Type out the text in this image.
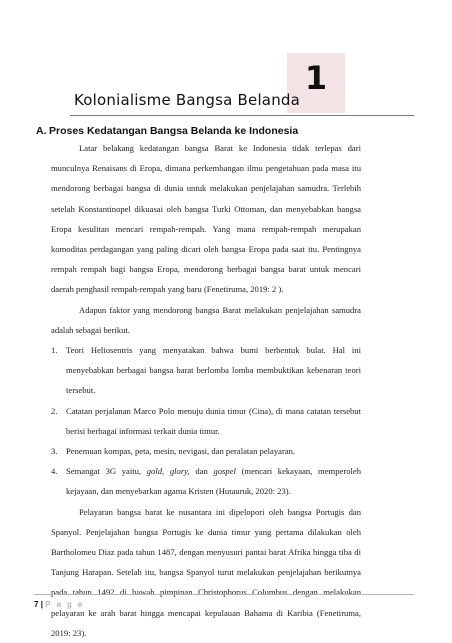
1
Kolonialisme Bangsa Belanda
A. Proses Kedatangan Bangsa Belanda ke Indonesia

Latar belakang kedatangan bangsa Barat ke Indonesia tidak terlepas dari munculnya Renaisans di Eropa, dimana perkembangan ilmu pengetahuan pada masa itu mendorong berbagai bangsa di dunia untuk melakukan penjelajahan samudra. Terlebih setelah Konstantinopel dikuasai oleh bangsa Turki Ottoman, dan menyebabkan bangsa Eropa kesulitan mencari rempah-rempah. Yang mana rempah-rempah merupakan komoditas perdagangan yang paling dicari oleh bangsa Eropa pada saat itu. Pentingnya rempah rempah bagi bangsa Eropa, mendorong berbagai bangsa barat untuk mencari daerah penghasil rempah-rempah yang baru (Fenetiruma, 2019: 2 ).

Adapun faktor yang mendorong bangsa Barat melakukan penjelajahan samudra adalah sebagai berikut.

1. Teori Heliosentris yang menyatakan bahwa bumi berbentuk bulat. Hal ini menyebabkan berbagai bangsa barat berlomba lomba membuktikan kebenaran teori tersebut.
2. Catatan perjalanan Marco Polo menuju dunia timur (Cina), di mana catatan tersebut berisi berbagai informasi terkait dunia timur.
3. Penemuan kompas, peta, mesin, nevigasi, dan peralatan pelayaran.
4. Semangat 3G yaitu, gold, glory, dan gospel (mencari kekayaan, memperoleh kejayaan, dan menyebarkan agama Kristen (Hutauruk, 2020: 23).

Pelayaran bangsa barat ke nusantara ini dipelopori oleh bangsa Portugis dan Spanyol. Penjelajahan bangsa Portugis ke dunia timur yang pertama dilakukan oleh Bartholomeu Diaz pada tahun 1487, dengan menyusuri pantai barat Afrika hingga tiba di Tanjung Harapan. Setelah itu, bangsa Spanyol turut melakukan penjelajahan berikutnya pada tahun 1492 di bawah pimpinan Christophorus Columbus dengan melakukan pelayaran ke arah barat hingga mencapai kepulauan Bahama di Karibia (Fenetiruma, 2019: 23).

7 | P a g e
